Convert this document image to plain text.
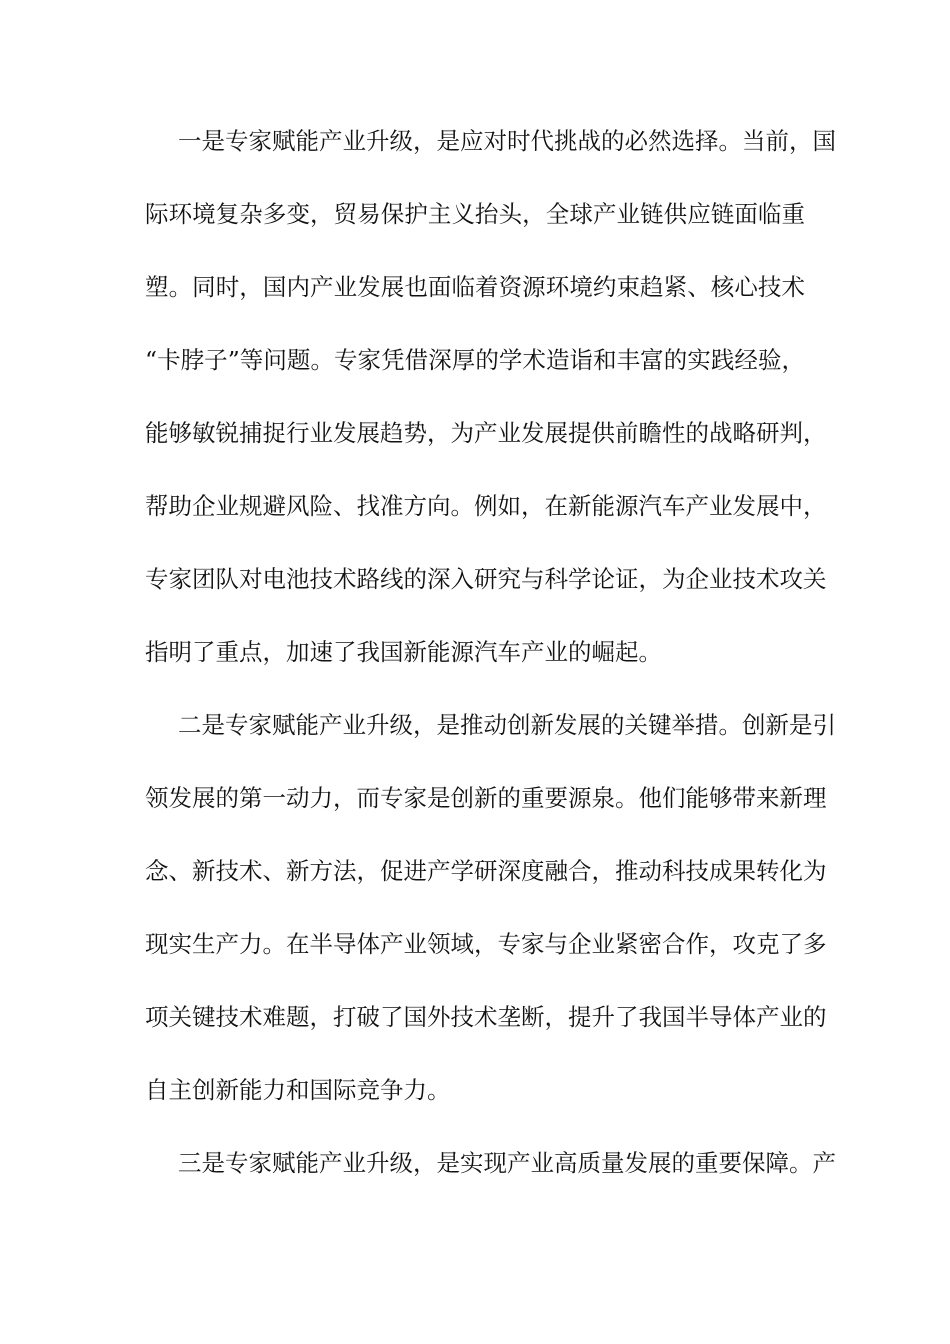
一是专家赋能产业升级，是应对时代挑战的必然选择。当前，国
际环境复杂多变，贸易保护主义抬头，全球产业链供应链面临重
塑。同时，国内产业发展也面临着资源环境约束趋紧、核心技术
“卡脖子”等问题。专家凭借深厚的学术造诣和丰富的实践经验，
能够敏锐捕捉行业发展趋势，为产业发展提供前瞻性的战略研判，
帮助企业规避风险、找准方向。例如，在新能源汽车产业发展中，
专家团队对电池技术路线的深入研究与科学论证，为企业技术攻关
指明了重点，加速了我国新能源汽车产业的崛起。

二是专家赋能产业升级，是推动创新发展的关键举措。创新是引
领发展的第一动力，而专家是创新的重要源泉。他们能够带来新理
念、新技术、新方法，促进产学研深度融合，推动科技成果转化为
现实生产力。在半导体产业领域，专家与企业紧密合作，攻克了多
项关键技术难题，打破了国外技术垄断，提升了我国半导体产业的
自主创新能力和国际竞争力。

三是专家赋能产业升级，是实现产业高质量发展的重要保障。产
